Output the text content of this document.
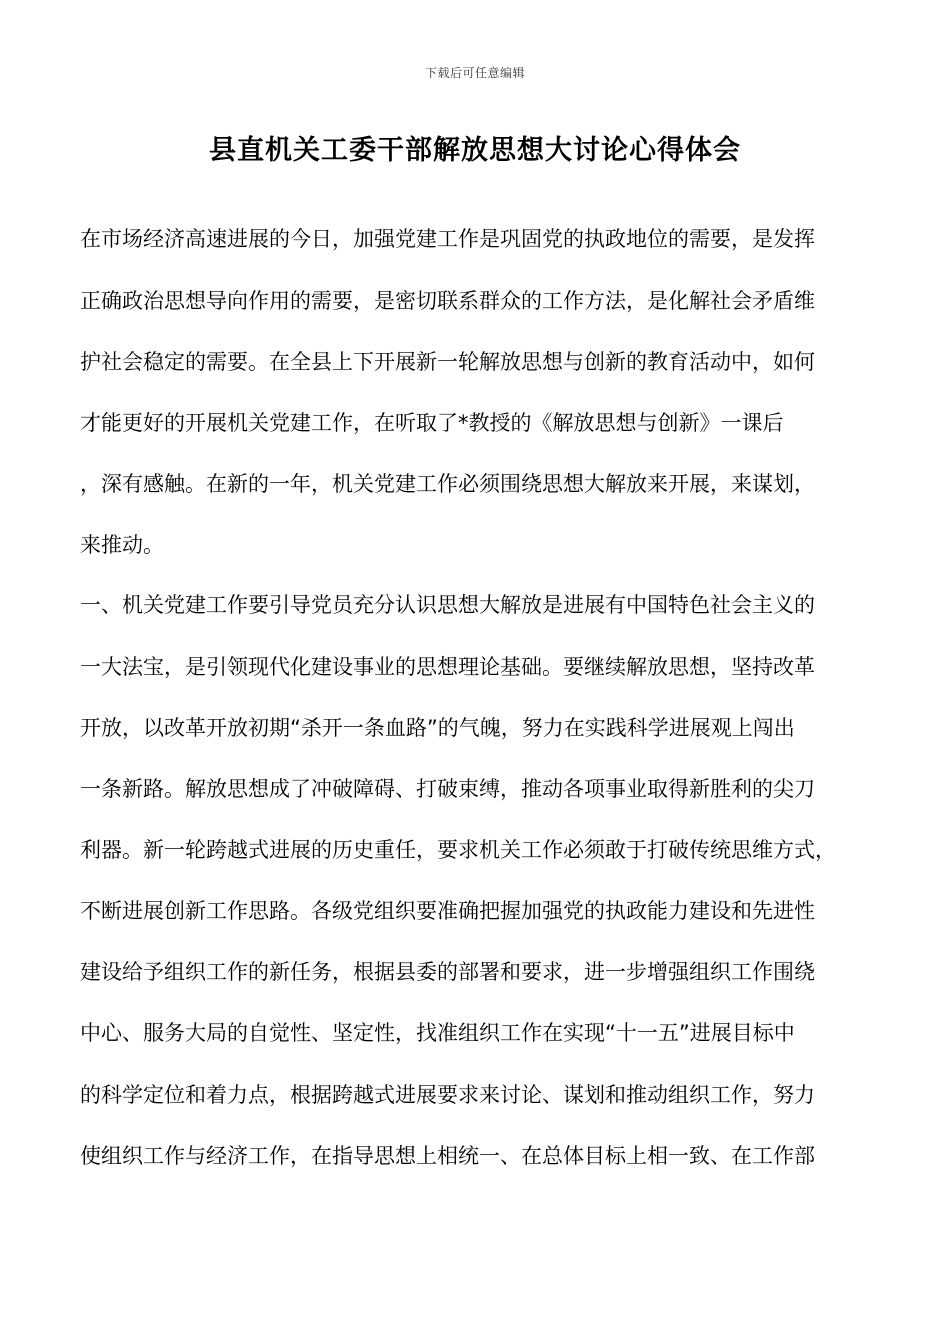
下载后可任意编辑
县直机关工委干部解放思想大讨论心得体会
在市场经济高速进展的今日，加强党建工作是巩固党的执政地位的需要，是发挥
正确政治思想导向作用的需要，是密切联系群众的工作方法，是化解社会矛盾维
护社会稳定的需要。在全县上下开展新一轮解放思想与创新的教育活动中，如何
才能更好的开展机关党建工作，在听取了*教授的《解放思想与创新》一课后
，深有感触。在新的一年，机关党建工作必须围绕思想大解放来开展，来谋划，
来推动。
一、机关党建工作要引导党员充分认识思想大解放是进展有中国特色社会主义的
一大法宝，是引领现代化建设事业的思想理论基础。要继续解放思想，坚持改革
开放，以改革开放初期“杀开一条血路”的气魄，努力在实践科学进展观上闯出
一条新路。解放思想成了冲破障碍、打破束缚，推动各项事业取得新胜利的尖刀
利器。新一轮跨越式进展的历史重任，要求机关工作必须敢于打破传统思维方式，
不断进展创新工作思路。各级党组织要准确把握加强党的执政能力建设和先进性
建设给予组织工作的新任务，根据县委的部署和要求，进一步增强组织工作围绕
中心、服务大局的自觉性、坚定性，找准组织工作在实现“十一五”进展目标中
的科学定位和着力点，根据跨越式进展要求来讨论、谋划和推动组织工作，努力
使组织工作与经济工作，在指导思想上相统一、在总体目标上相一致、在工作部
